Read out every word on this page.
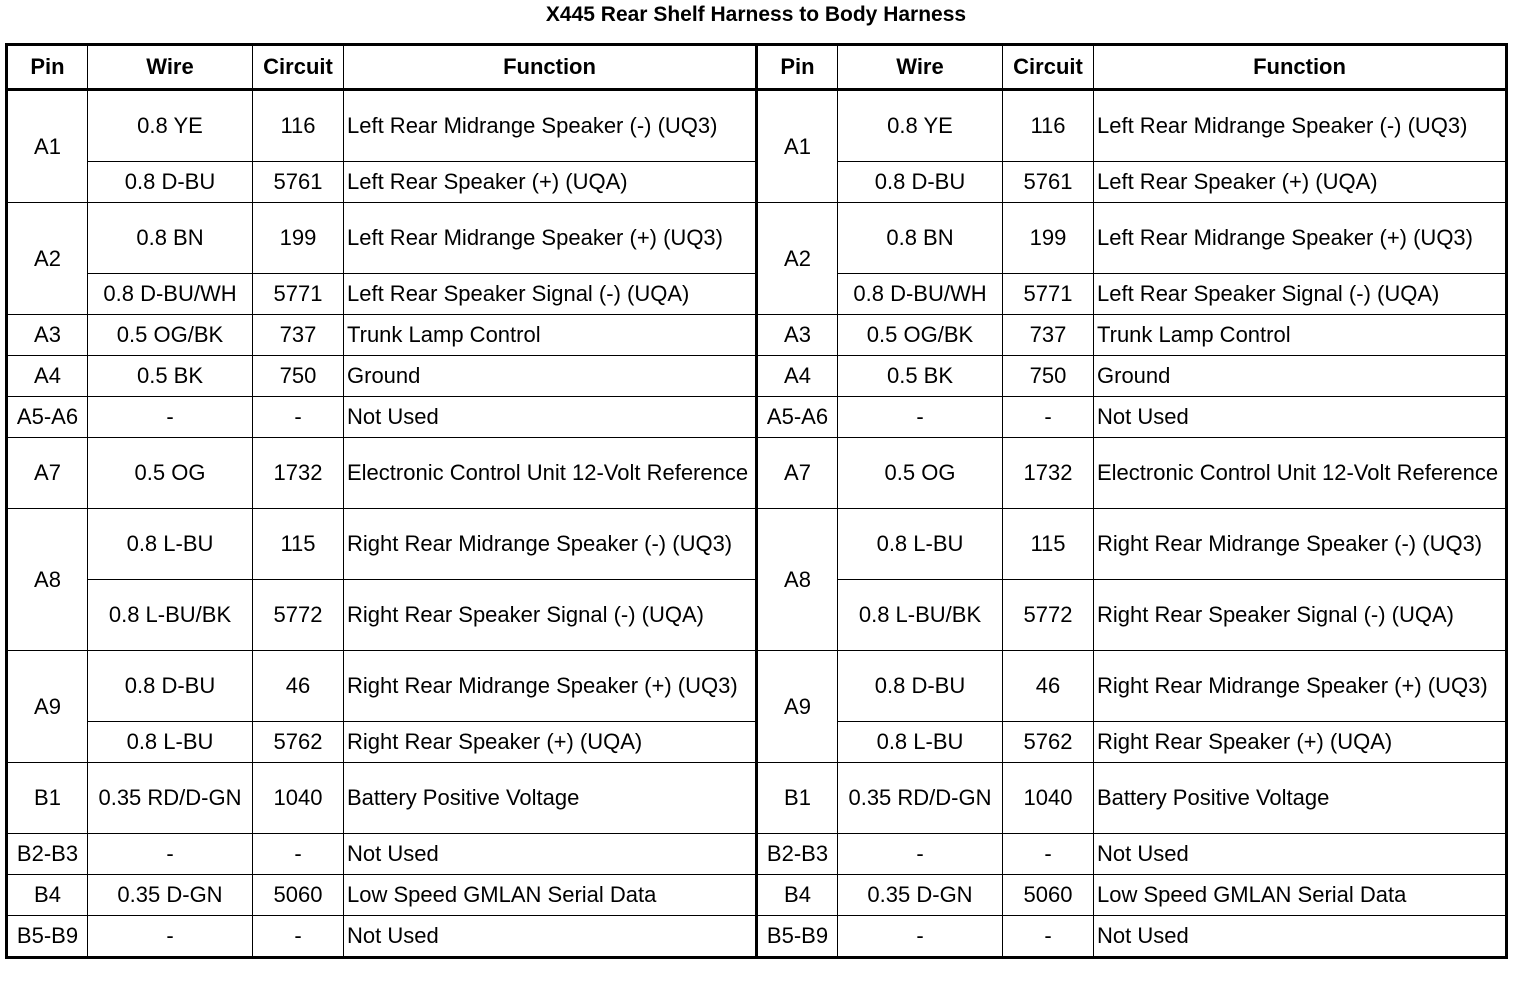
X445 Rear Shelf Harness to Body Harness
Pin	Wire	Circuit	Function	Pin	Wire	Circuit	Function
A1	0.8 YE	116	Left Rear Midrange Speaker (-) (UQ3)	A1	0.8 YE	116	Left Rear Midrange Speaker (-) (UQ3)
	0.8 D-BU	5761	Left Rear Speaker (+) (UQA)		0.8 D-BU	5761	Left Rear Speaker (+) (UQA)
A2	0.8 BN	199	Left Rear Midrange Speaker (+) (UQ3)	A2	0.8 BN	199	Left Rear Midrange Speaker (+) (UQ3)
	0.8 D-BU/WH	5771	Left Rear Speaker Signal (-) (UQA)		0.8 D-BU/WH	5771	Left Rear Speaker Signal (-) (UQA)
A3	0.5 OG/BK	737	Trunk Lamp Control	A3	0.5 OG/BK	737	Trunk Lamp Control
A4	0.5 BK	750	Ground	A4	0.5 BK	750	Ground
A5-A6	-	-	Not Used	A5-A6	-	-	Not Used
A7	0.5 OG	1732	Electronic Control Unit 12-Volt Reference	A7	0.5 OG	1732	Electronic Control Unit 12-Volt Reference
A8	0.8 L-BU	115	Right Rear Midrange Speaker (-) (UQ3)	A8	0.8 L-BU	115	Right Rear Midrange Speaker (-) (UQ3)
	0.8 L-BU/BK	5772	Right Rear Speaker Signal (-) (UQA)		0.8 L-BU/BK	5772	Right Rear Speaker Signal (-) (UQA)
A9	0.8 D-BU	46	Right Rear Midrange Speaker (+) (UQ3)	A9	0.8 D-BU	46	Right Rear Midrange Speaker (+) (UQ3)
	0.8 L-BU	5762	Right Rear Speaker (+) (UQA)		0.8 L-BU	5762	Right Rear Speaker (+) (UQA)
B1	0.35 RD/D-GN	1040	Battery Positive Voltage	B1	0.35 RD/D-GN	1040	Battery Positive Voltage
B2-B3	-	-	Not Used	B2-B3	-	-	Not Used
B4	0.35 D-GN	5060	Low Speed GMLAN Serial Data	B4	0.35 D-GN	5060	Low Speed GMLAN Serial Data
B5-B9	-	-	Not Used	B5-B9	-	-	Not Used
